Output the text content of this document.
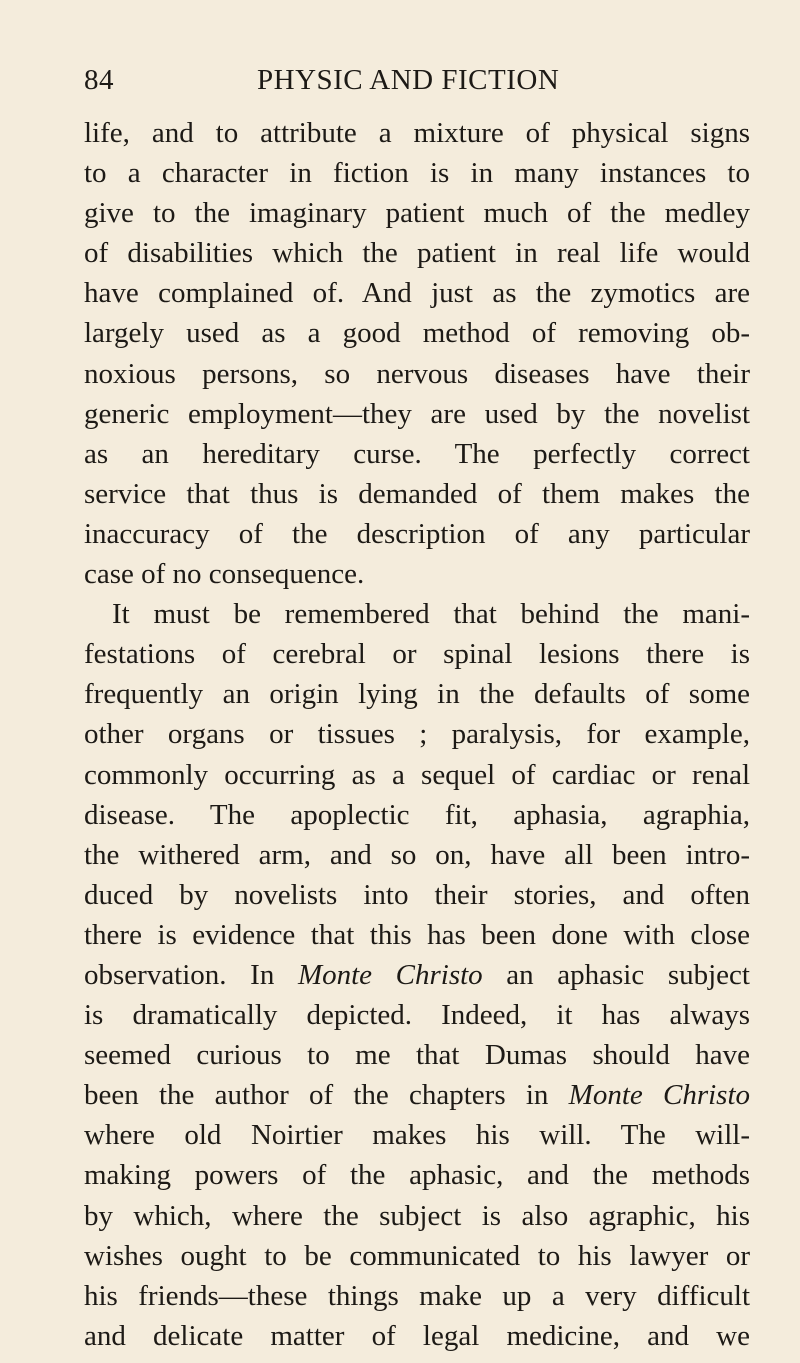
84	PHYSIC AND FICTION
life, and to attribute a mixture of physical signs
to a character in fiction is in many instances to
give to the imaginary patient much of the medley
of disabilities which the patient in real life would
have complained of. And just as the zymotics are
largely used as a good method of removing ob-
noxious persons, so nervous diseases have their
generic employment—they are used by the novelist
as an hereditary curse. The perfectly correct
service that thus is demanded of them makes the
inaccuracy of the description of any particular
case of no consequence.
It must be remembered that behind the mani-
festations of cerebral or spinal lesions there is
frequently an origin lying in the defaults of some
other organs or tissues ; paralysis, for example,
commonly occurring as a sequel of cardiac or renal
disease. The apoplectic fit, aphasia, agraphia,
the withered arm, and so on, have all been intro-
duced by novelists into their stories, and often
there is evidence that this has been done with close
observation. In Monte Christo an aphasic subject
is dramatically depicted. Indeed, it has always
seemed curious to me that Dumas should have
been the author of the chapters in Monte Christo
where old Noirtier makes his will. The will-
making powers of the aphasic, and the methods
by which, where the subject is also agraphic, his
wishes ought to be communicated to his lawyer or
his friends—these things make up a very difficult
and delicate matter of legal medicine, and we
